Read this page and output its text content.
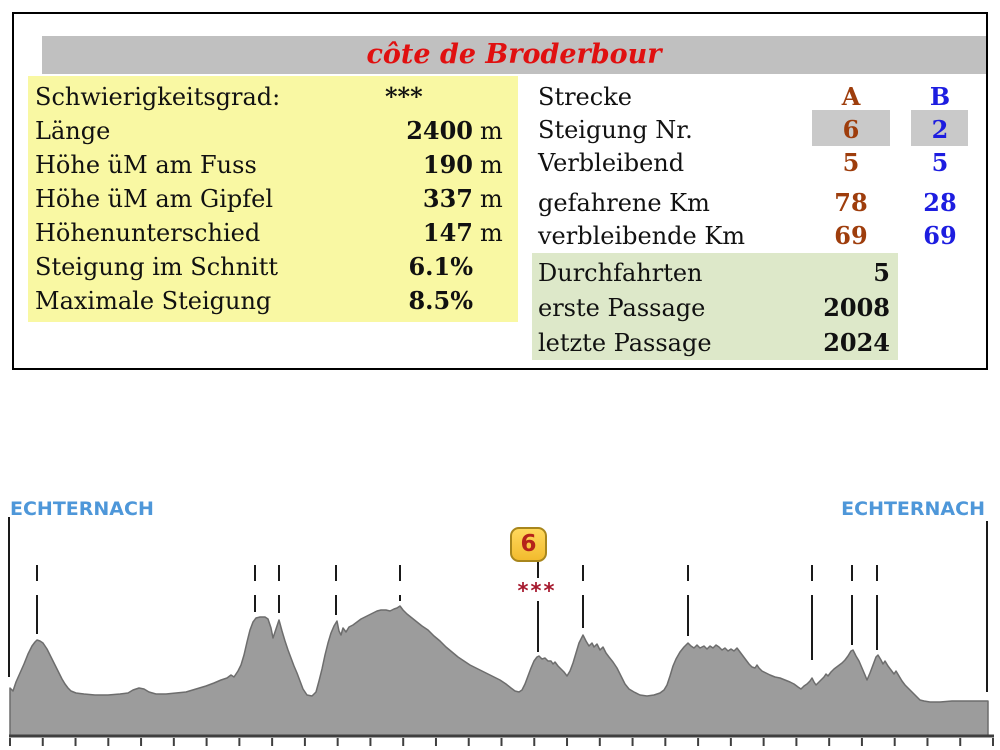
côte de Broderbour
Schwierigkeitsgrad:	***
Länge	2400 m
Höhe üM am Fuss	190 m
Höhe üM am Gipfel	337 m
Höhenunterschied	147 m
Steigung im Schnitt	6.1%
Maximale Steigung	8.5%
Strecke	A	B
Steigung Nr.	6	2
Verbleibend	5	5
gefahrene Km	78	28
verbleibende Km	69	69
Durchfahrten	5
erste Passage	2008
letzte Passage	2024
ECHTERNACH	ECHTERNACH
6
***
